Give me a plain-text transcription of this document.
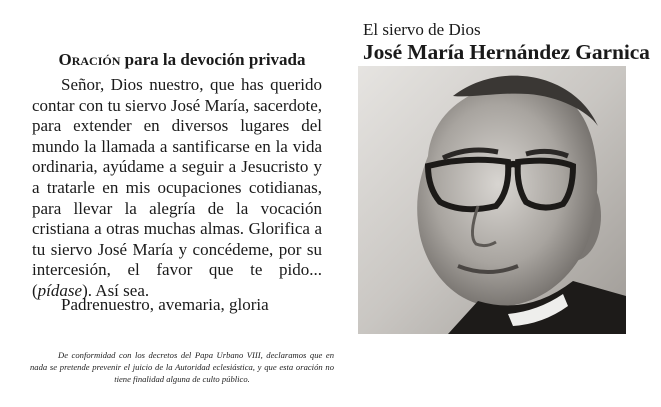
Oración para la devoción privada

Señor, Dios nuestro, que has querido contar con tu siervo José María, sacerdote, para extender en diversos lugares del mundo la llamada a santificarse en la vida ordinaria, ayúdame a seguir a Jesucristo y a tratarle en mis ocupaciones cotidianas, para llevar la alegría de la vocación cristiana a otras muchas almas. Glorifica a tu siervo José María y concédeme, por su intercesión, el favor que te pido... (pídase). Así sea.

Padrenuestro, avemaria, gloria

De conformidad con los decretos del Papa Urbano VIII, declaramos que en nada se pretende prevenir el juicio de la Autoridad eclesiástica, y que esta oración no tiene finalidad alguna de culto público.

El siervo de Dios
José María Hernández Garnica
